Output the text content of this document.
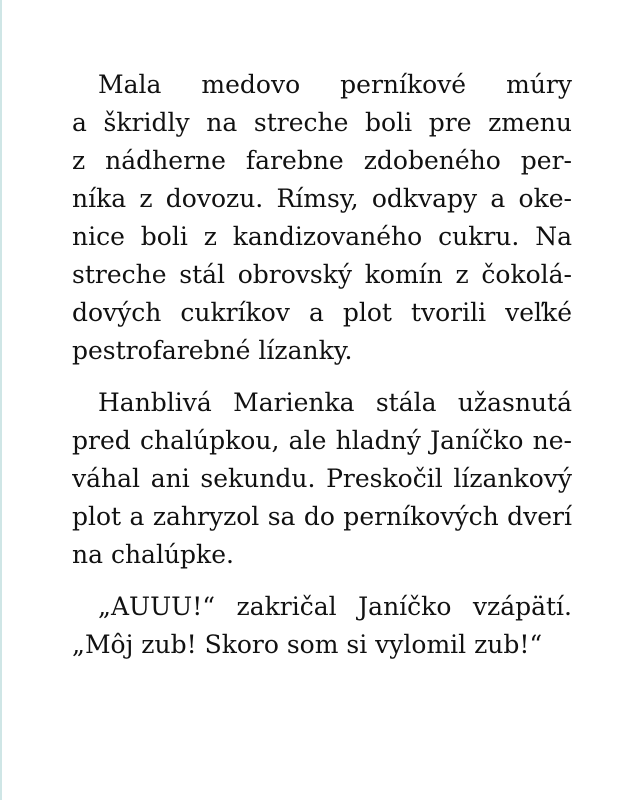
Mala medovo perníkové múry
a škridly na streche boli pre zmenu
z nádherne farebne zdobeného per-
níka z dovozu. Rímsy, odkvapy a oke-
nice boli z kandizovaného cukru. Na
streche stál obrovský komín z čokolá-
dových cukríkov a plot tvorili veľké
pestrofarebné lízanky.
Hanblivá Marienka stála užasnutá
pred chalúpkou, ale hladný Janíčko ne-
váhal ani sekundu. Preskočil lízankový
plot a zahryzol sa do perníkových dverí
na chalúpke.
„AUUU!“ zakričal Janíčko vzápätí.
„Môj zub! Skoro som si vylomil zub!“
